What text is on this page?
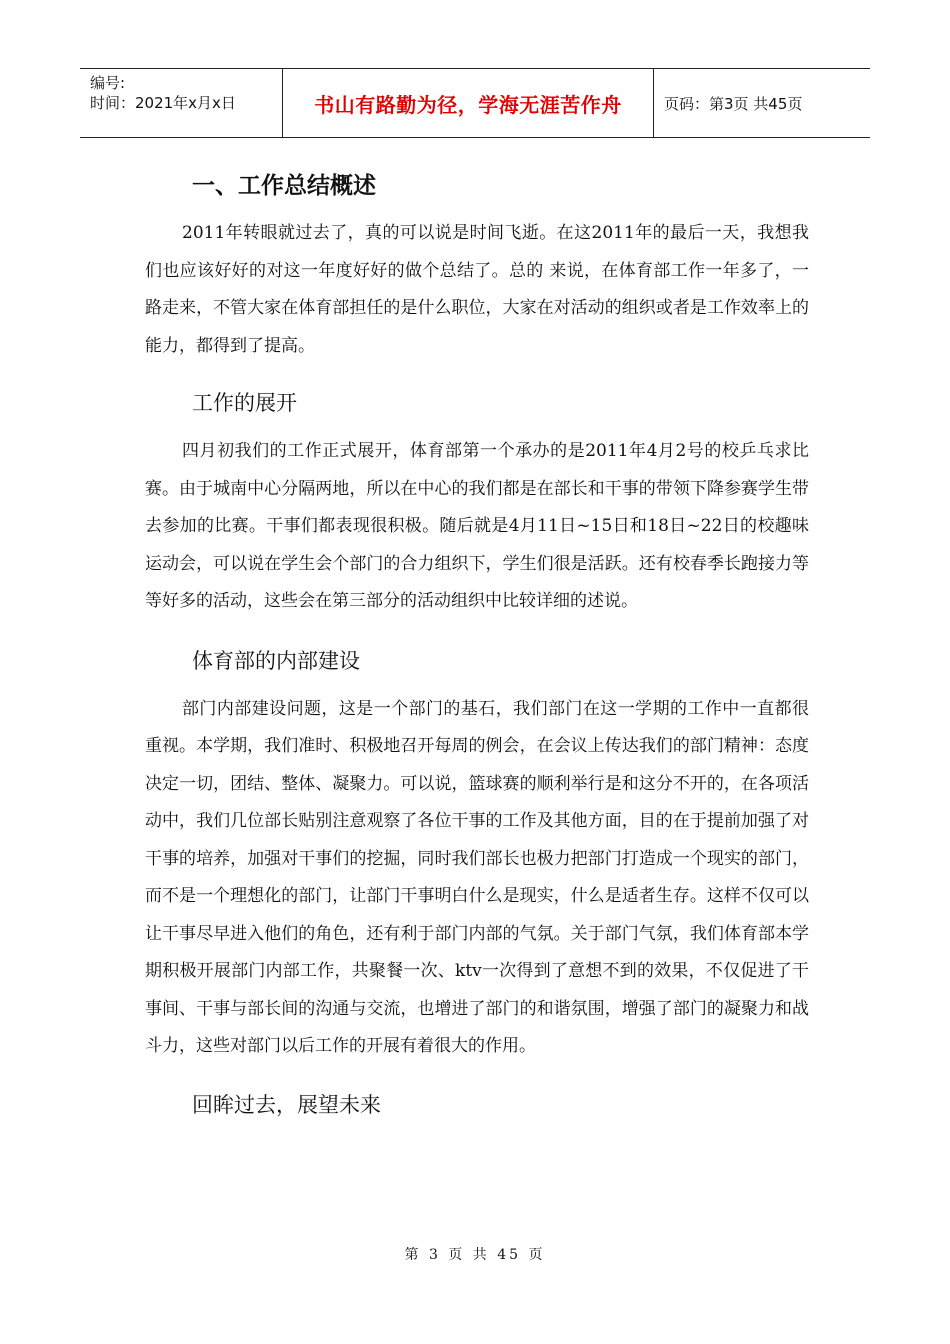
编号:
时间：2021年x月x日	书山有路勤为径，学海无涯苦作舟	页码：第3页 共45页
一、工作总结概述

2011年转眼就过去了，真的可以说是时间飞逝。在这2011年的最后一天，我想我们也应该好好的对这一年度好好的做个总结了。总的 来说，在体育部工作一年多了，一路走来，不管大家在体育部担任的是什么职位，大家在对活动的组织或者是工作效率上的能力，都得到了提高。

工作的展开

四月初我们的工作正式展开，体育部第一个承办的是2011年4月2号的校乒乓求比赛。由于城南中心分隔两地，所以在中心的我们都是在部长和干事的带领下降参赛学生带去参加的比赛。干事们都表现很积极。随后就是4月11日~15日和18日~22日的校趣味运动会，可以说在学生会个部门的合力组织下，学生们很是活跃。还有校春季长跑接力等等好多的活动，这些会在第三部分的活动组织中比较详细的述说。

体育部的内部建设

部门内部建设问题，这是一个部门的基石，我们部门在这一学期的工作中一直都很重视。本学期，我们准时、积极地召开每周的例会，在会议上传达我们的部门精神：态度决定一切，团结、整体、凝聚力。可以说，篮球赛的顺利举行是和这分不开的，在各项活动中，我们几位部长贴别注意观察了各位干事的工作及其他方面，目的在于提前加强了对干事的培养，加强对干事们的挖掘，同时我们部长也极力把部门打造成一个现实的部门，而不是一个理想化的部门，让部门干事明白什么是现实，什么是适者生存。这样不仅可以让干事尽早进入他们的角色，还有利于部门内部的气氛。关于部门气氛，我们体育部本学期积极开展部门内部工作，共聚餐一次、ktv一次得到了意想不到的效果，不仅促进了干事间、干事与部长间的沟通与交流，也增进了部门的和谐氛围，增强了部门的凝聚力和战斗力，这些对部门以后工作的开展有着很大的作用。

回眸过去，展望未来
第 3 页 共 45 页
